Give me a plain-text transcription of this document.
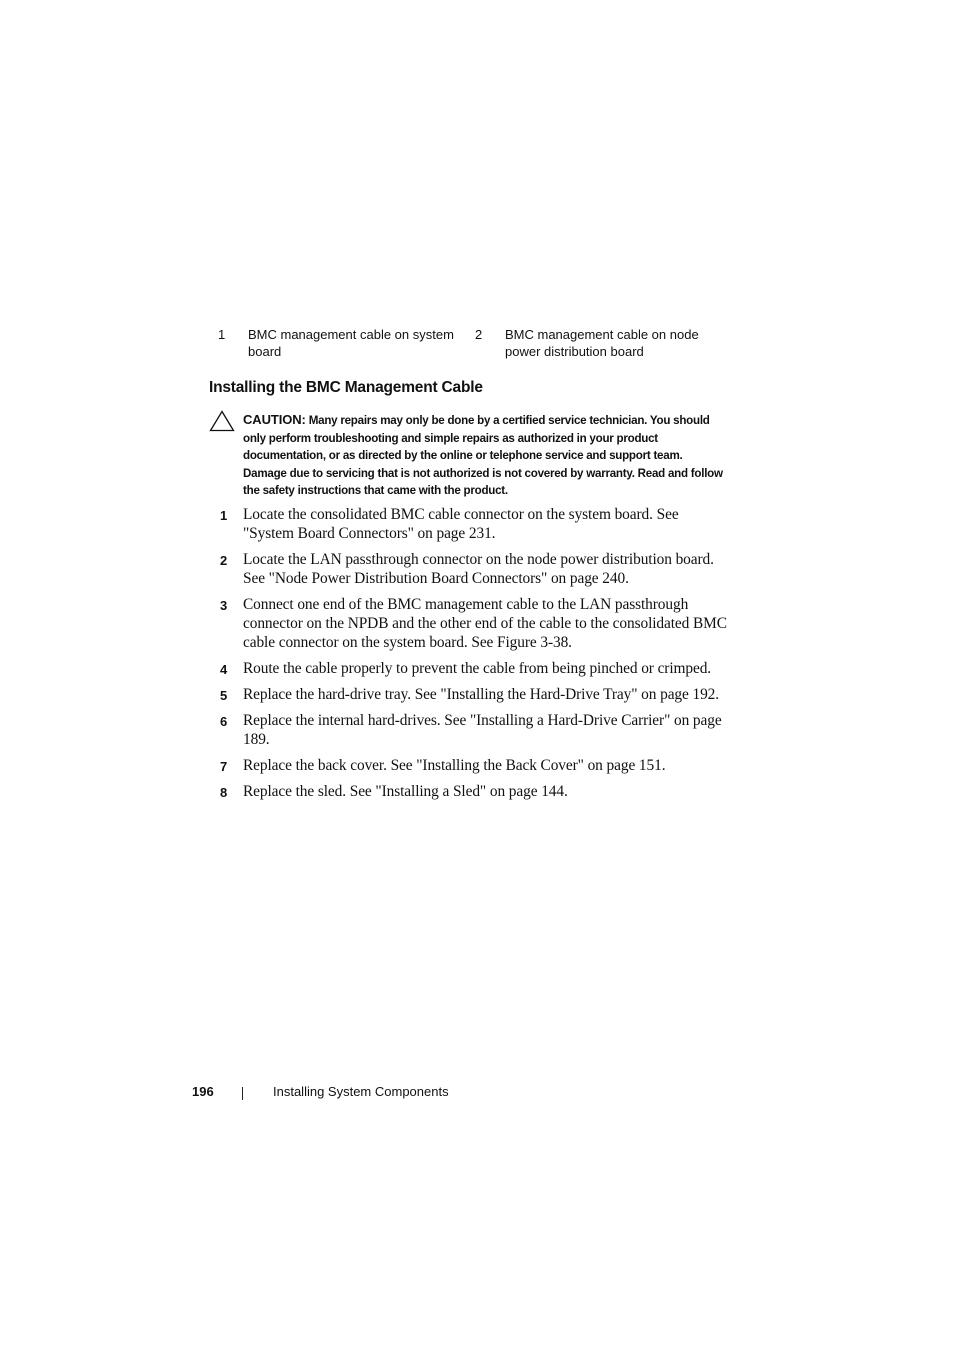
1 BMC management cable on system board
2 BMC management cable on node power distribution board
Installing the BMC Management Cable
CAUTION: Many repairs may only be done by a certified service technician. You should only perform troubleshooting and simple repairs as authorized in your product documentation, or as directed by the online or telephone service and support team. Damage due to servicing that is not authorized is not covered by warranty. Read and follow the safety instructions that came with the product.
1 Locate the consolidated BMC cable connector on the system board. See "System Board Connectors" on page 231.
2 Locate the LAN passthrough connector on the node power distribution board. See "Node Power Distribution Board Connectors" on page 240.
3 Connect one end of the BMC management cable to the LAN passthrough connector on the NPDB and the other end of the cable to the consolidated BMC cable connector on the system board. See Figure 3-38.
4 Route the cable properly to prevent the cable from being pinched or crimped.
5 Replace the hard-drive tray. See "Installing the Hard-Drive Tray" on page 192.
6 Replace the internal hard-drives. See "Installing a Hard-Drive Carrier" on page 189.
7 Replace the back cover. See "Installing the Back Cover" on page 151.
8 Replace the sled. See "Installing a Sled" on page 144.
196	Installing System Components
